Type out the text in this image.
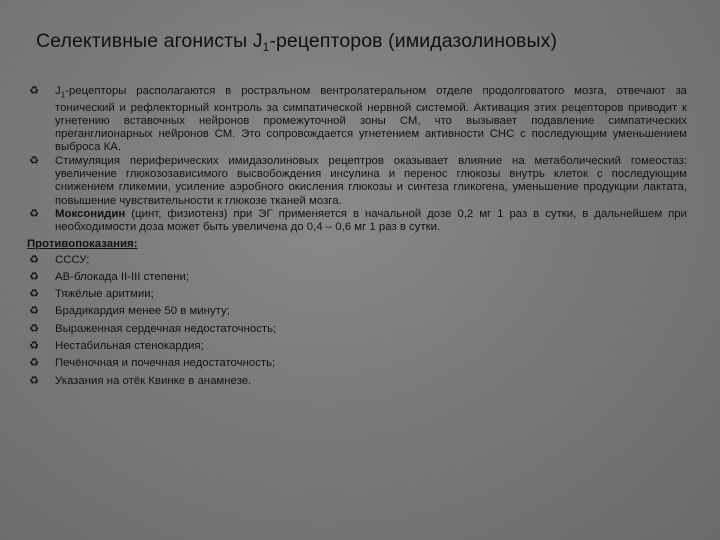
Селективные агонисты $J_1$-рецепторов (имидазолиновых)
♻ $J_1$-рецепторы располагаются в ростральном вентролатеральном отделе продолговатого мозга, отвечают за тонический и рефлекторный контроль за симпатической нервной системой. Активация этих рецепторов приводит к угнетению вставочных нейронов промежуточной зоны СМ, что вызывает подавление симпатических преганглионарных нейронов СМ. Это сопровождается угнетением активности СНС с последующим уменьшением выброса КА.
♻ Стимуляция периферических имидазолиновых рецептров оказывает влияние на метаболический гомеостаз: увеличение глюкозозависимого высвобождения инсулина и перенос глюкозы внутрь клеток с последующим снижением гликемии, усиление аэробного окисления глюкозы и синтеза гликогена, уменьшение продукции лактата, повышение чувствительности к глюкозе тканей мозга.
♻ Моксонидин (цинт, физиотенз) при ЭГ применяется в начальной дозе 0,2 мг 1 раз в сутки, в дальнейшем при необходимости доза может быть увеличена до 0,4 – 0,6 мг 1 раз в сутки.
Противопоказания:
♻ СССУ;
♻ АВ-блокада II-III степени;
♻ Тяжёлые аритмии;
♻ Брадикардия менее 50 в минуту;
♻ Выраженная сердечная недостаточность;
♻ Нестабильная стенокардия;
♻ Печёночная и почечная недостаточность;
♻ Указания на отёк Квинке в анамнезе.
